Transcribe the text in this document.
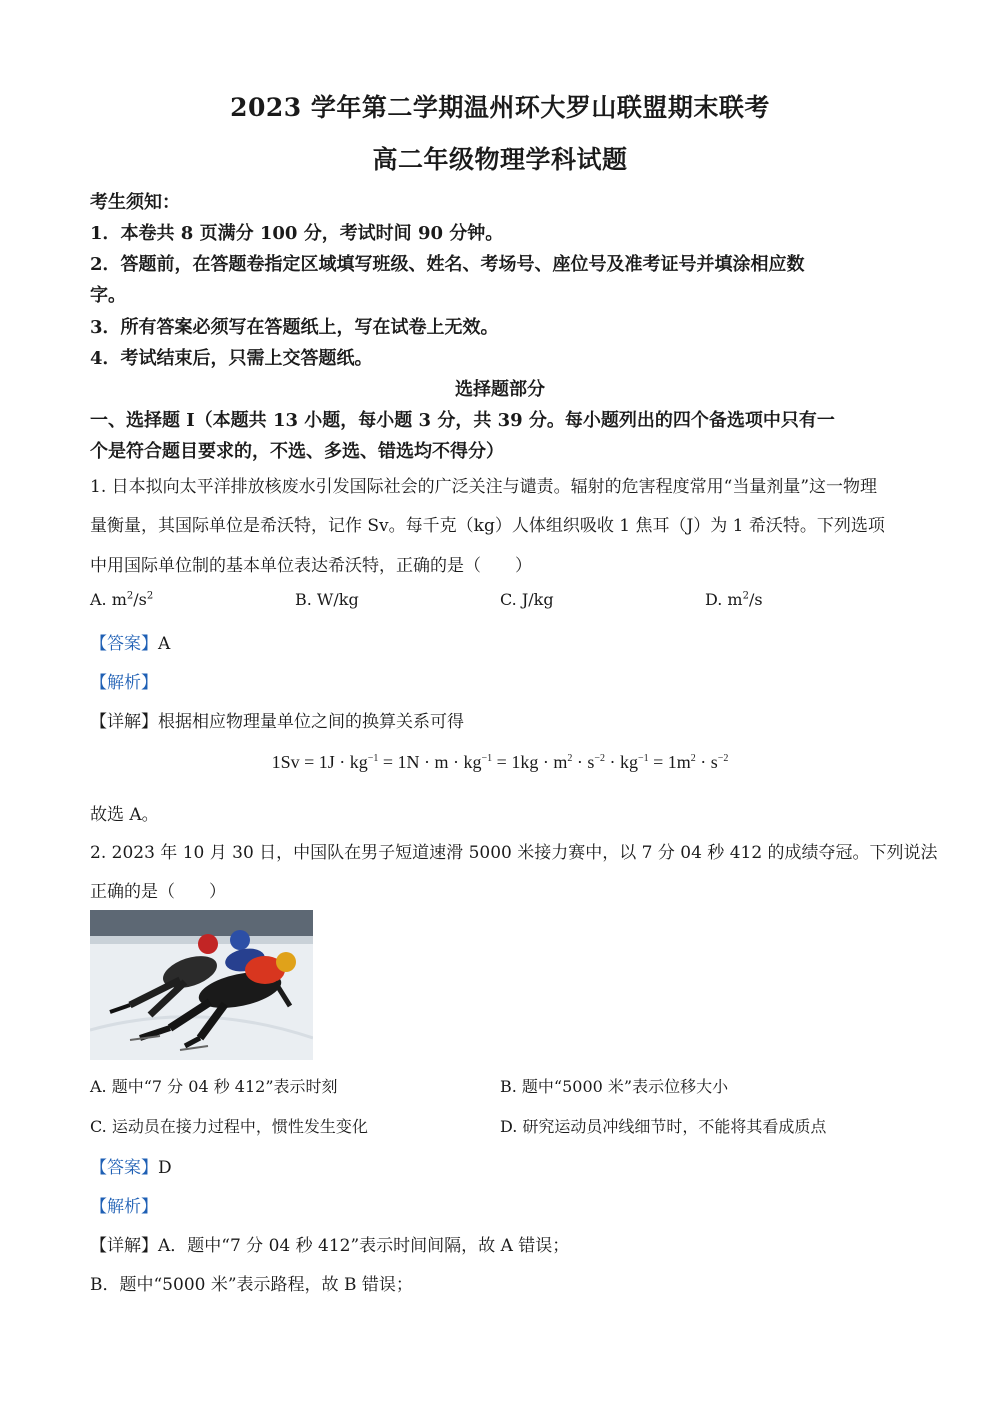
2023 学年第二学期温州环大罗山联盟期末联考
高二年级物理学科试题
考生须知：
1．本卷共 8 页满分 100 分，考试时间 90 分钟。
2．答题前，在答题卷指定区域填写班级、姓名、考场号、座位号及准考证号并填涂相应数
字。
3．所有答案必须写在答题纸上，写在试卷上无效。
4．考试结束后，只需上交答题纸。
选择题部分
一、选择题 I（本题共 13 小题，每小题 3 分，共 39 分。每小题列出的四个备选项中只有一
个是符合题目要求的，不选、多选、错选均不得分）
1. 日本拟向太平洋排放核废水引发国际社会的广泛关注与谴责。辐射的危害程度常用“当量剂量”这一物理
量衡量，其国际单位是希沃特，记作 Sv。每千克（kg）人体组织吸收 1 焦耳（J）为 1 希沃特。下列选项
中用国际单位制的基本单位表达希沃特，正确的是（　　）
A. $m^2/s^2$	B. W/kg	C. J/kg	D. $m^2/s$
【答案】A
【解析】
【详解】根据相应物理量单位之间的换算关系可得
$1Sv = 1J \cdot kg^{-1} = 1N \cdot m \cdot kg^{-1} = 1kg \cdot m^2 \cdot s^{-2} \cdot kg^{-1} = 1m^2 \cdot s^{-2}$
故选 A。
2. 2023 年 10 月 30 日，中国队在男子短道速滑 5000 米接力赛中，以 7 分 04 秒 412 的成绩夺冠。下列说法
正确的是（　　）
A. 题中“7 分 04 秒 412”表示时刻	B. 题中“5000 米”表示位移大小
C. 运动员在接力过程中，惯性发生变化	D. 研究运动员冲线细节时，不能将其看成质点
【答案】D
【解析】
【详解】A．题中“7 分 04 秒 412”表示时间间隔，故 A 错误；
B．题中“5000 米”表示路程，故 B 错误；
